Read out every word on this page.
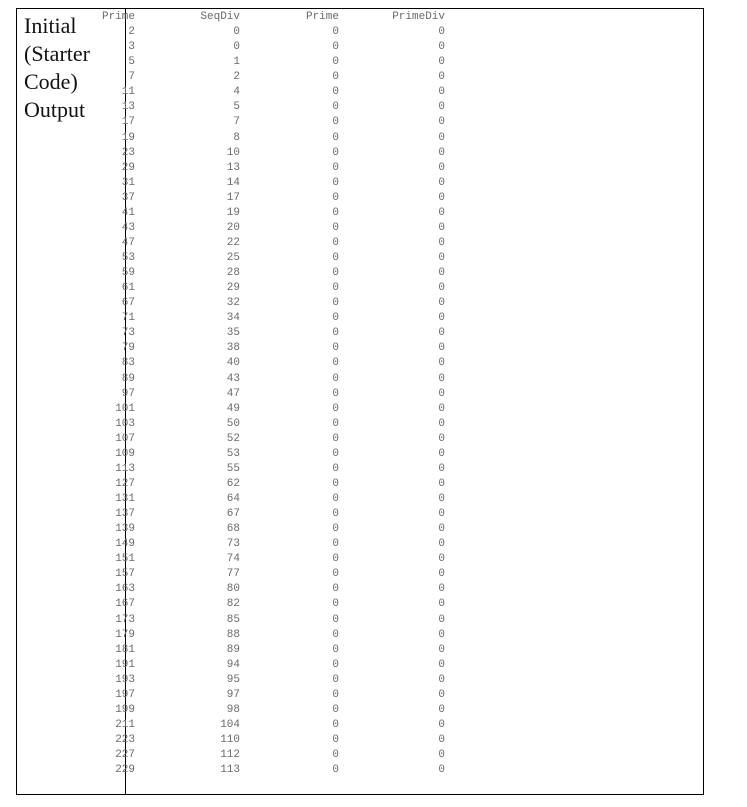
Initial
(Starter
Code)
Output
Prime	SeqDiv	Prime	PrimeDiv
2	0	0	0
3	0	0	0
5	1	0	0
7	2	0	0
11	4	0	0
13	5	0	0
17	7	0	0
19	8	0	0
23	10	0	0
29	13	0	0
31	14	0	0
37	17	0	0
41	19	0	0
43	20	0	0
47	22	0	0
53	25	0	0
59	28	0	0
61	29	0	0
67	32	0	0
71	34	0	0
73	35	0	0
79	38	0	0
83	40	0	0
89	43	0	0
97	47	0	0
101	49	0	0
103	50	0	0
107	52	0	0
109	53	0	0
113	55	0	0
127	62	0	0
131	64	0	0
137	67	0	0
139	68	0	0
149	73	0	0
151	74	0	0
157	77	0	0
163	80	0	0
167	82	0	0
173	85	0	0
179	88	0	0
181	89	0	0
191	94	0	0
193	95	0	0
197	97	0	0
199	98	0	0
211	104	0	0
223	110	0	0
227	112	0	0
229	113	0	0
